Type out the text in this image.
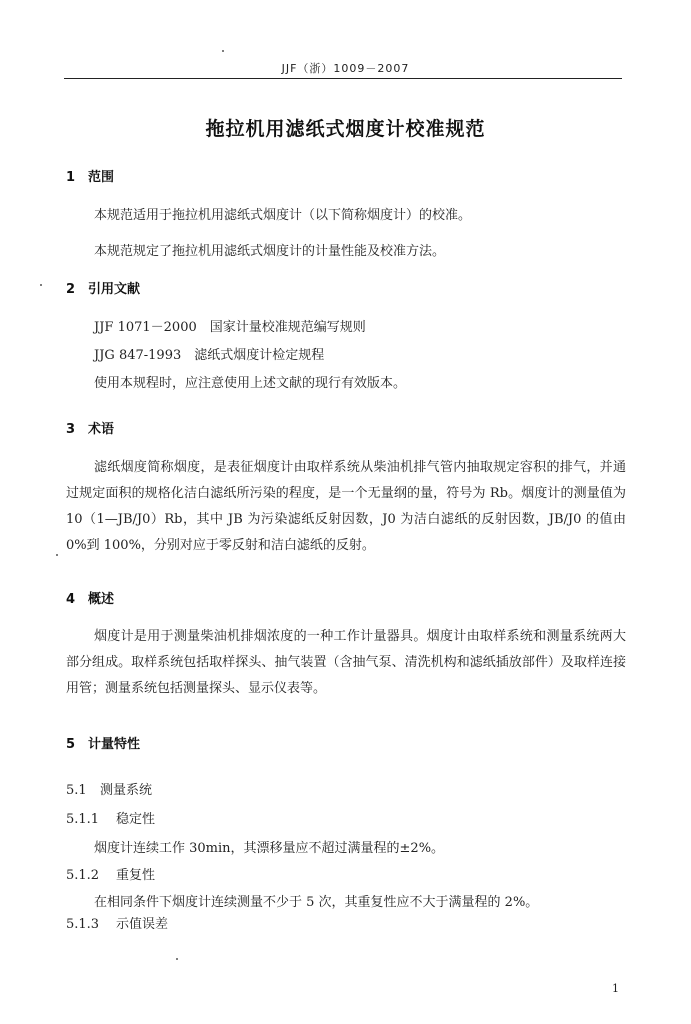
JJF（浙）1009－2007
拖拉机用滤纸式烟度计校准规范
1 范围
本规范适用于拖拉机用滤纸式烟度计（以下简称烟度计）的校准。
本规范规定了拖拉机用滤纸式烟度计的计量性能及校准方法。
2 引用文献
JJF 1071－2000　国家计量校准规范编写规则
JJG 847-1993　滤纸式烟度计检定规程
使用本规程时，应注意使用上述文献的现行有效版本。
3 术语
滤纸烟度简称烟度，是表征烟度计由取样系统从柴油机排气管内抽取规定容积的排气，并通过规定面积的规格化洁白滤纸所污染的程度，是一个无量纲的量，符号为 Rb。烟度计的测量值为 10（1—JB/J0）Rb，其中 JB 为污染滤纸反射因数，J0 为洁白滤纸的反射因数，JB/J0 的值由 0%到 100%，分别对应于零反射和洁白滤纸的反射。
4 概述
烟度计是用于测量柴油机排烟浓度的一种工作计量器具。烟度计由取样系统和测量系统两大部分组成。取样系统包括取样探头、抽气装置（含抽气泵、清洗机构和滤纸插放部件）及取样连接用管；测量系统包括测量探头、显示仪表等。
5 计量特性
5.1 测量系统
5.1.1 稳定性
烟度计连续工作 30min，其漂移量应不超过满量程的±2%。
5.1.2 重复性
在相同条件下烟度计连续测量不少于 5 次，其重复性应不大于满量程的 2%。
5.1.3 示值误差
1
